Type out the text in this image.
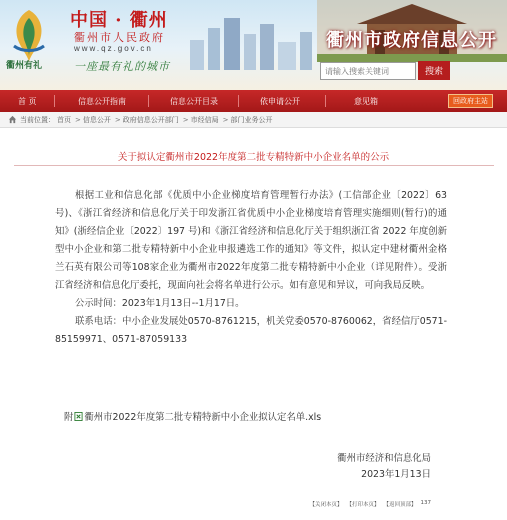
衢州有礼
中国 · 衢州
衢州市人民政府
www.qz.gov.cn
一座最有礼的城市
衢州市政府信息公开
请输入搜索关键词
搜索
首 页	信息公开指南	信息公开目录	依申请公开	意见箱	回政府主站
当前位置： 首页 > 信息公开 > 政府信息公开部门 > 市经信局 > 部门业务公开
关于拟认定衢州市2022年度第二批专精特新中小企业名单的公示

根据工业和信息化部《优质中小企业梯度培育管理暂行办法》(工信部企业〔2022〕63号)、《浙江省经济和信息化厅关于印发浙江省优质中小企业梯度培育管理实施细则(暂行)的通知》(浙经信企业〔2022〕197 号)和《浙江省经济和信息化厅关于组织浙江省 2022 年度创新型中小企业和第二批专精特新中小企业申报遴选工作的通知》等文件，拟认定中建材衢州金格兰石英有限公司等108家企业为衢州市2022年度第二批专精特新中小企业（详见附件）。受浙江省经济和信息化厅委托，现面向社会将名单进行公示。如有意见和异议，可向我局反映。

公示时间：2023年1月13日--1月17日。

联系电话：中小企业发展处0570-8761215，机关党委0570-8760062，省经信厅0571-85159971、0571-87059133

附 衢州市2022年度第二批专精特新中小企业拟认定名单.xls
衢州市经济和信息化局
2023年1月13日
【关闭本页】 【打印本页】 【返回顶部】 137
